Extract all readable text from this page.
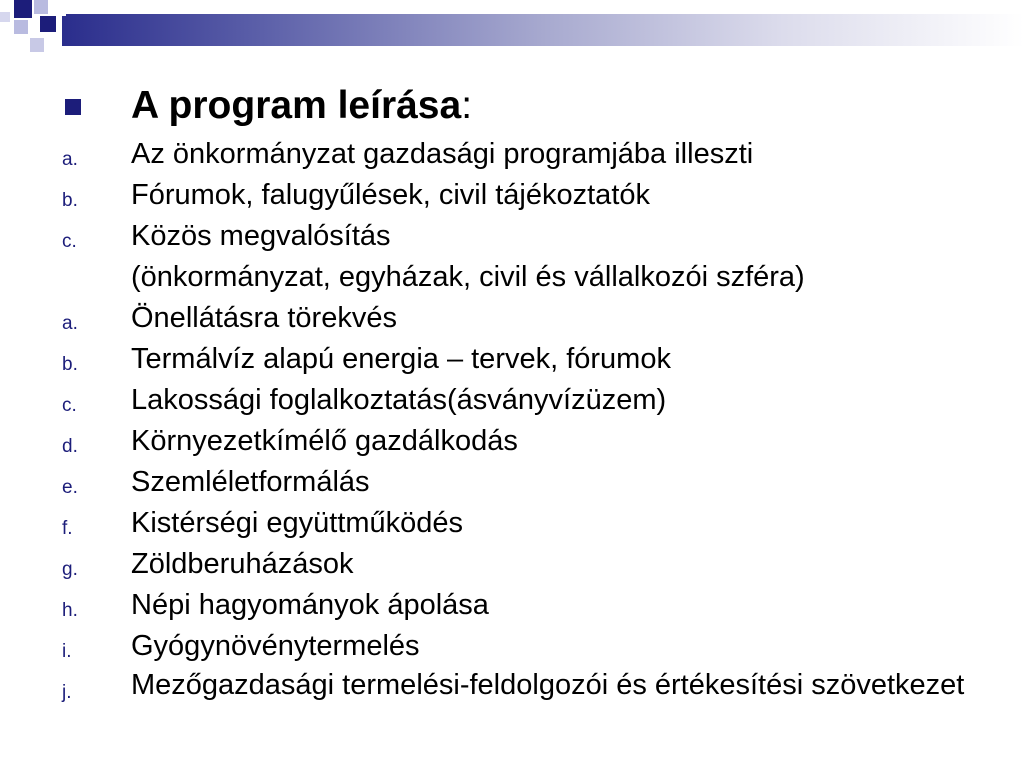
A program leírása:
a. Az önkormányzat gazdasági programjába illeszti
b. Fórumok, falugyűlések, civil tájékoztatók
c. Közös megvalósítás
(önkormányzat, egyházak, civil és vállalkozói szféra)
a. Önellátásra törekvés
b. Termálvíz alapú energia – tervek, fórumok
c. Lakossági foglalkoztatás(ásványvízüzem)
d. Környezetkímélő gazdálkodás
e. Szemléletformálás
f. Kistérségi együttműködés
g. Zöldberuházások
h. Népi hagyományok ápolása
i. Gyógynövénytermelés
j. Mezőgazdasági termelési-feldolgozói és értékesítési szövetkezet
